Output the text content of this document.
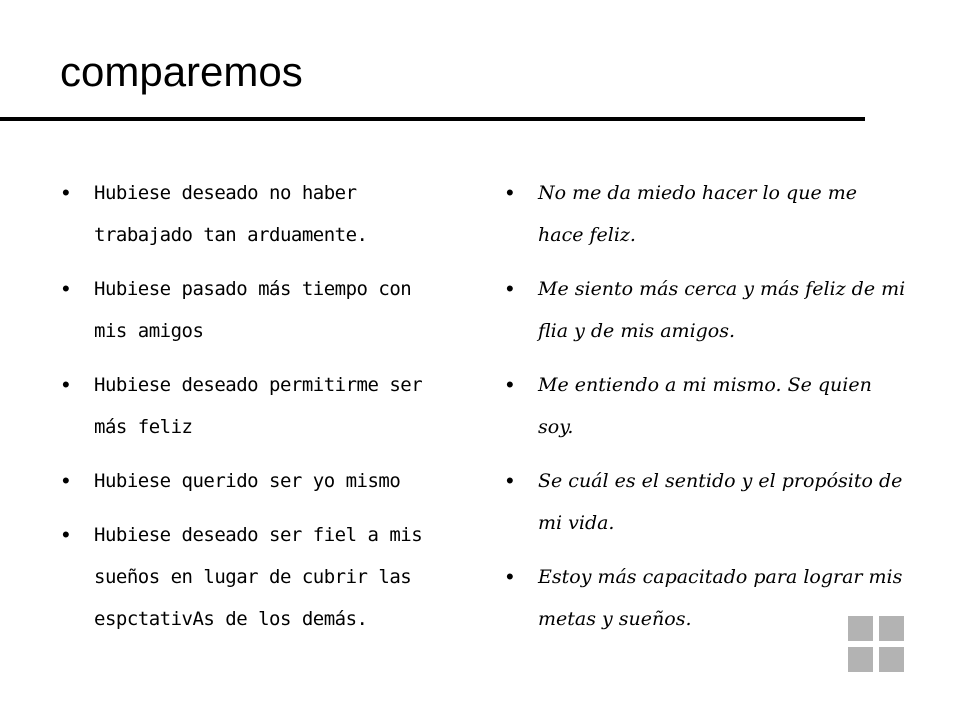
comparemos
• Hubiese deseado no haber trabajado tan arduamente.
• Hubiese pasado más tiempo con mis amigos
• Hubiese deseado permitirme ser más feliz
• Hubiese querido ser yo mismo
• Hubiese deseado ser fiel a mis sueños en lugar de cubrir las espctativAs de los demás.
• No me da miedo hacer lo que me hace feliz.
• Me siento más cerca y más feliz de mi flia y de mis amigos.
• Me entiendo a mi mismo. Se quien soy.
• Se cuál es el sentido y el propósito de mi vida.
• Estoy más capacitado para lograr mis metas y sueños.
